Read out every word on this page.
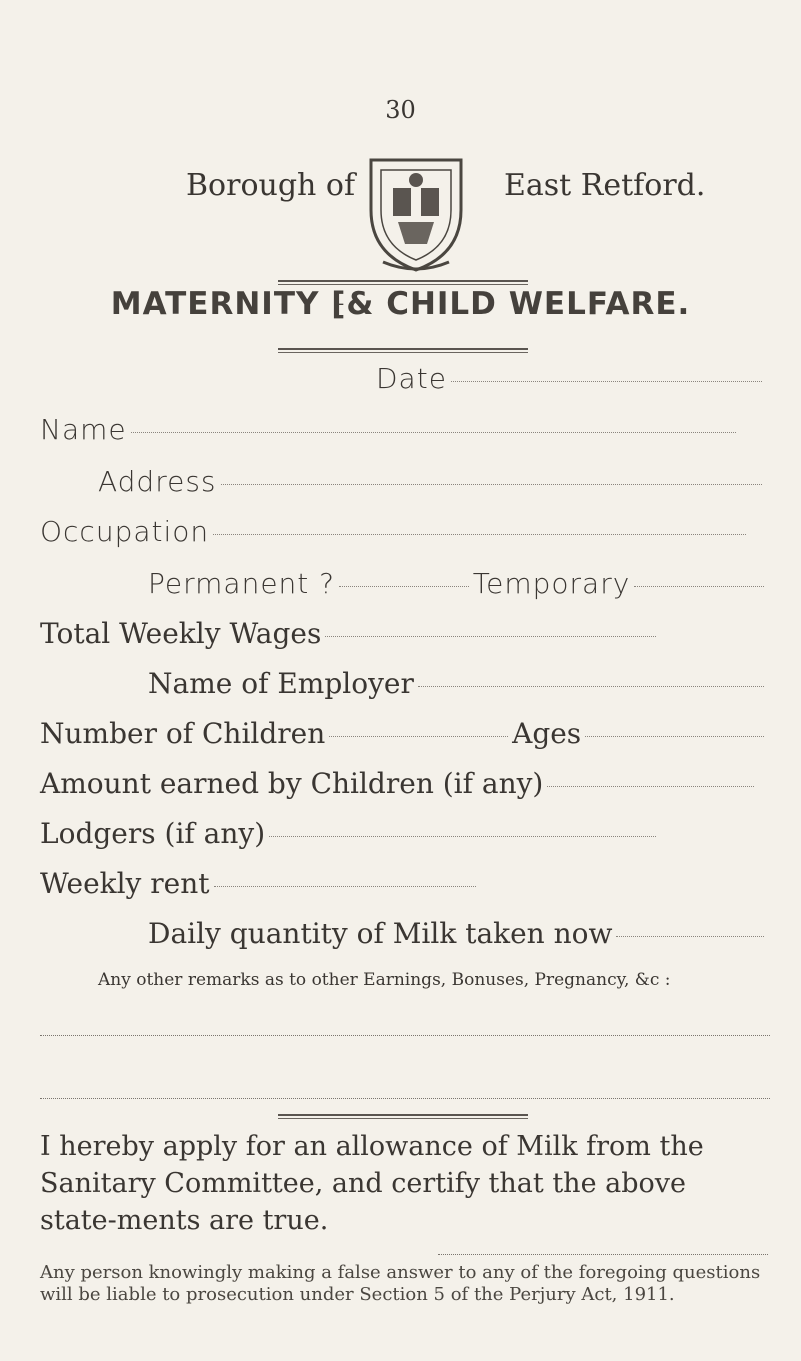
30
Borough of	East Retford.
MATERNITY ⁅& CHILD WELFARE.
Date
Name
Address
Occupation
Permanent ?	Temporary
Total Weekly Wages
Name of Employer
Number of Children	Ages
Amount earned by Children (if any)
Lodgers (if any)
Weekly rent
Daily quantity of Milk taken now
Any other remarks as to other Earnings, Bonuses, Pregnancy, &c :
I hereby apply for an allowance of Milk from the Sanitary Committee, and certify that the above state-ments are true.
Any person knowingly making a false answer to any of the foregoing questions will be liable to prosecution under Section 5 of the Perjury Act, 1911.
